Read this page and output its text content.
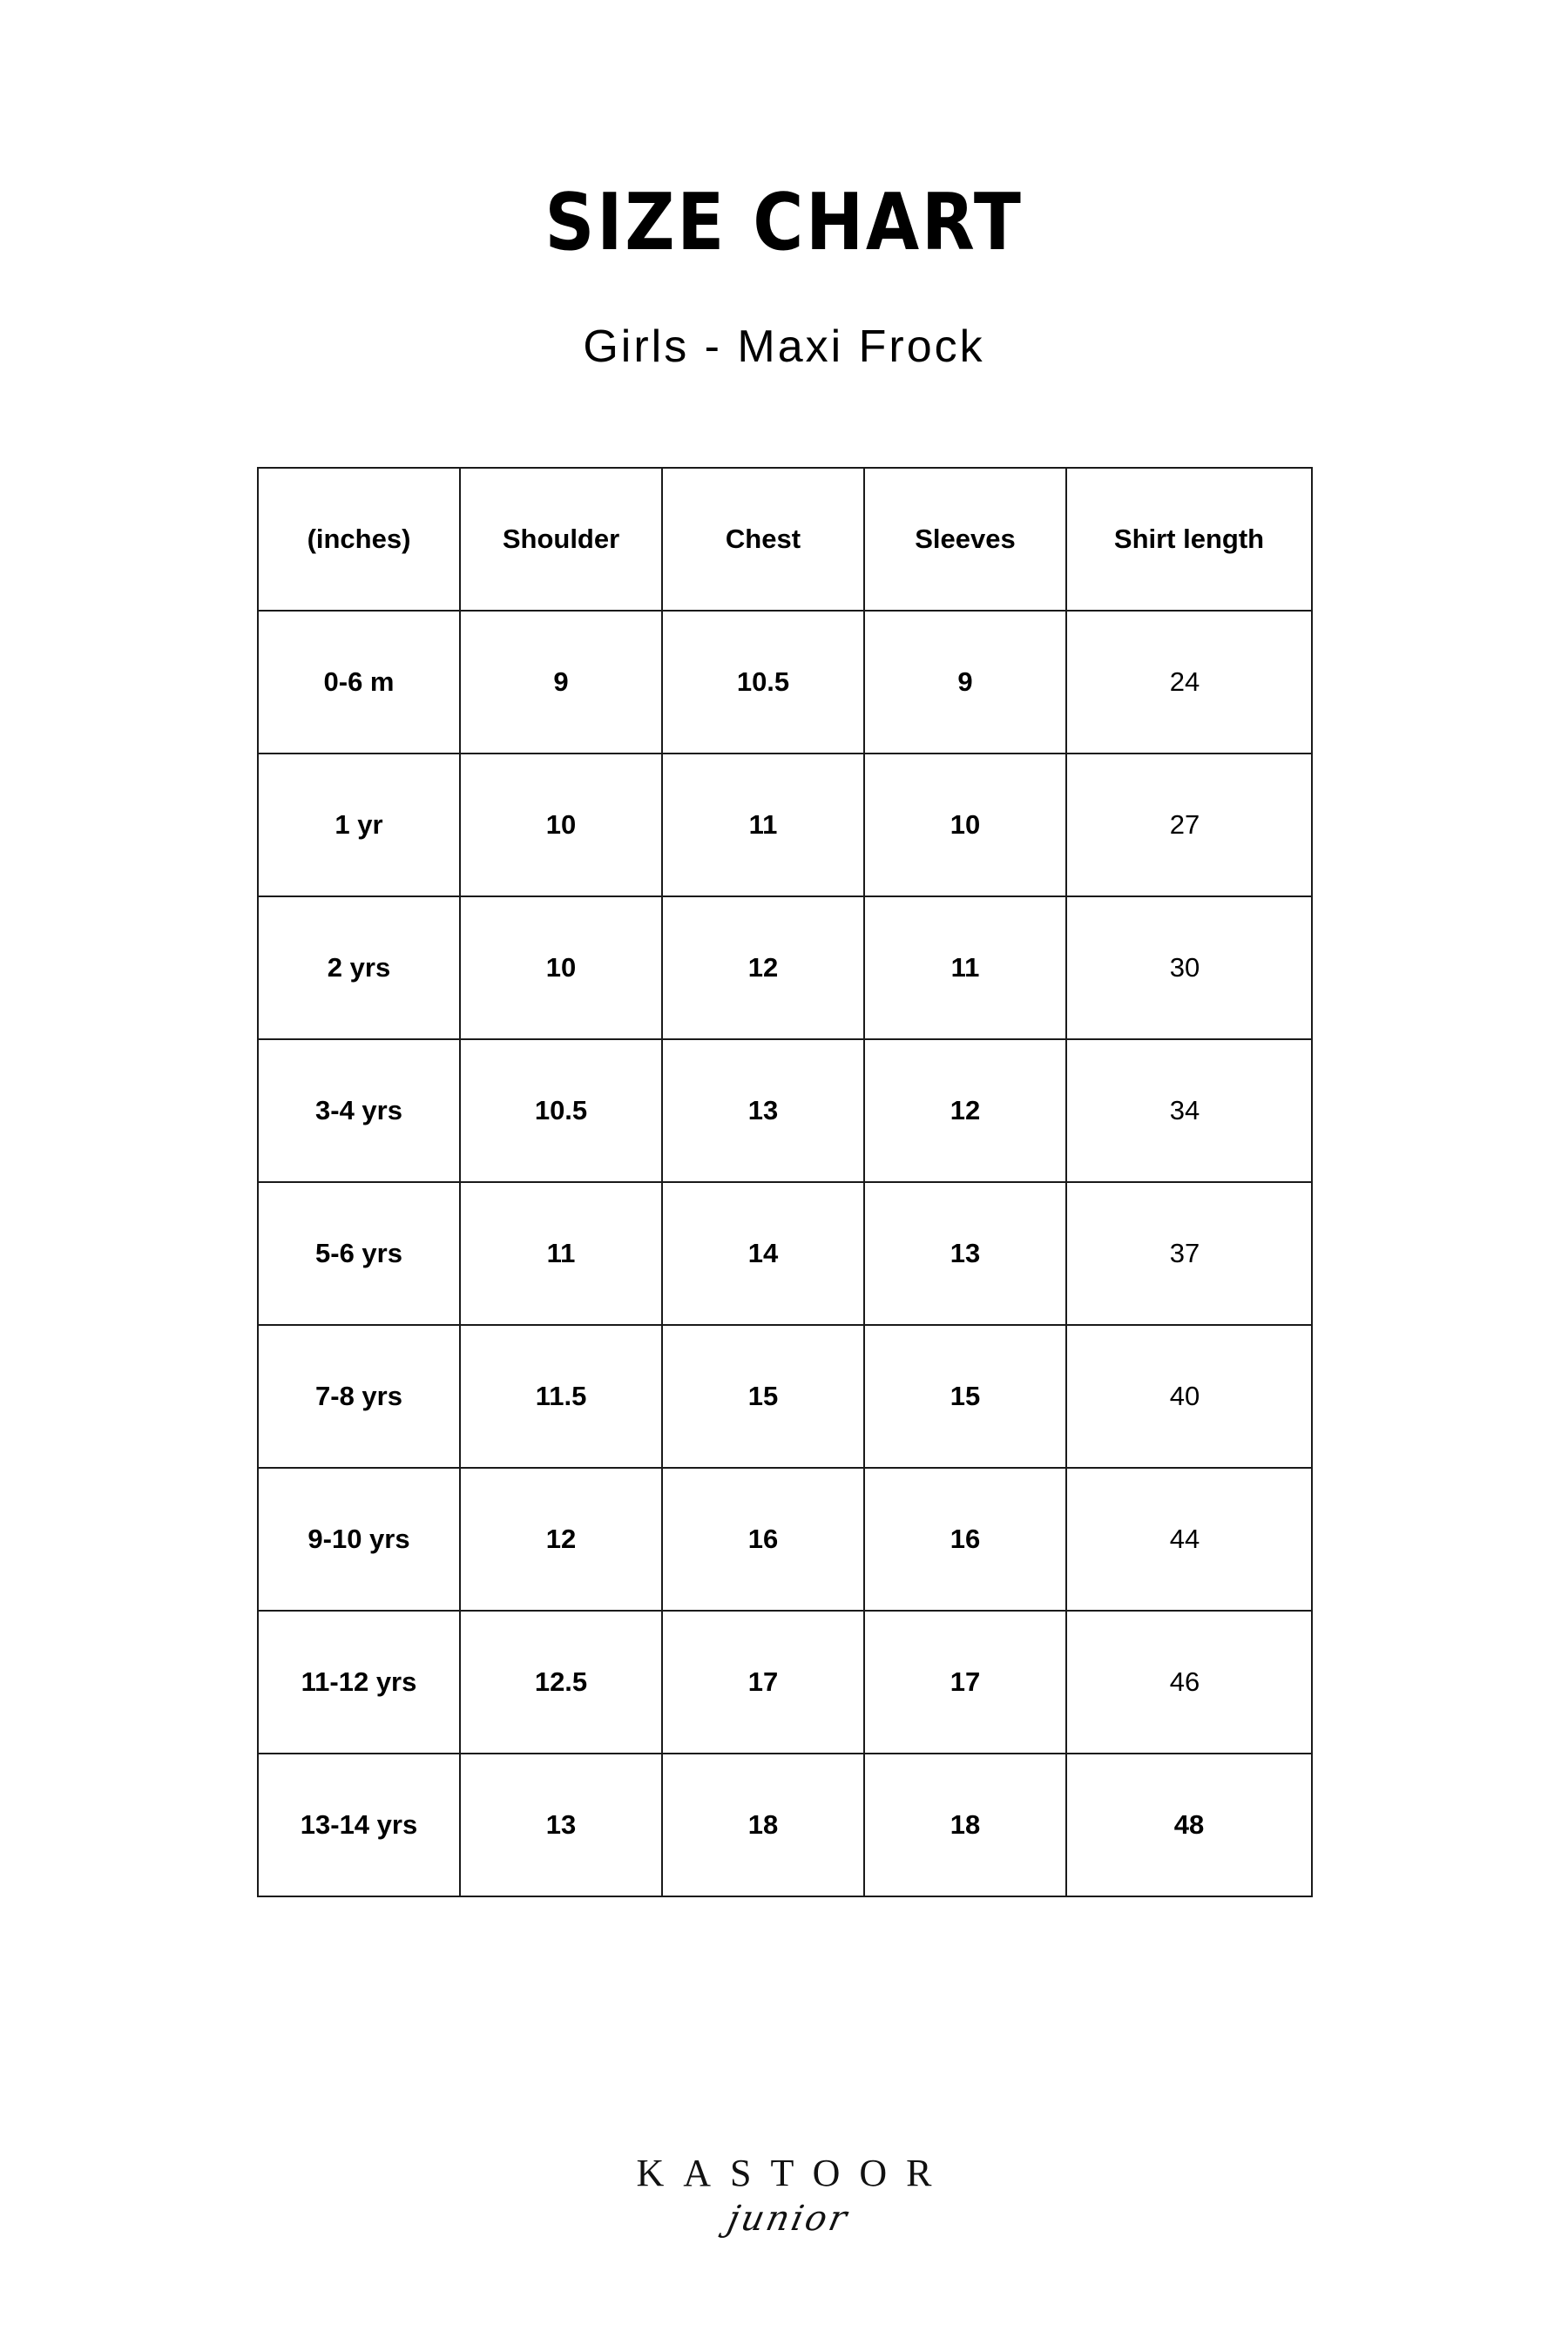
SIZE CHART
Girls - Maxi Frock
(inches)	Shoulder	Chest	Sleeves	Shirt length
0-6 m	9	10.5	9	24
1 yr	10	11	10	27
2 yrs	10	12	11	30
3-4 yrs	10.5	13	12	34
5-6 yrs	11	14	13	37
7-8 yrs	11.5	15	15	40
9-10 yrs	12	16	16	44
11-12 yrs	12.5	17	17	46
13-14 yrs	13	18	18	48
KASTOOR
junior
